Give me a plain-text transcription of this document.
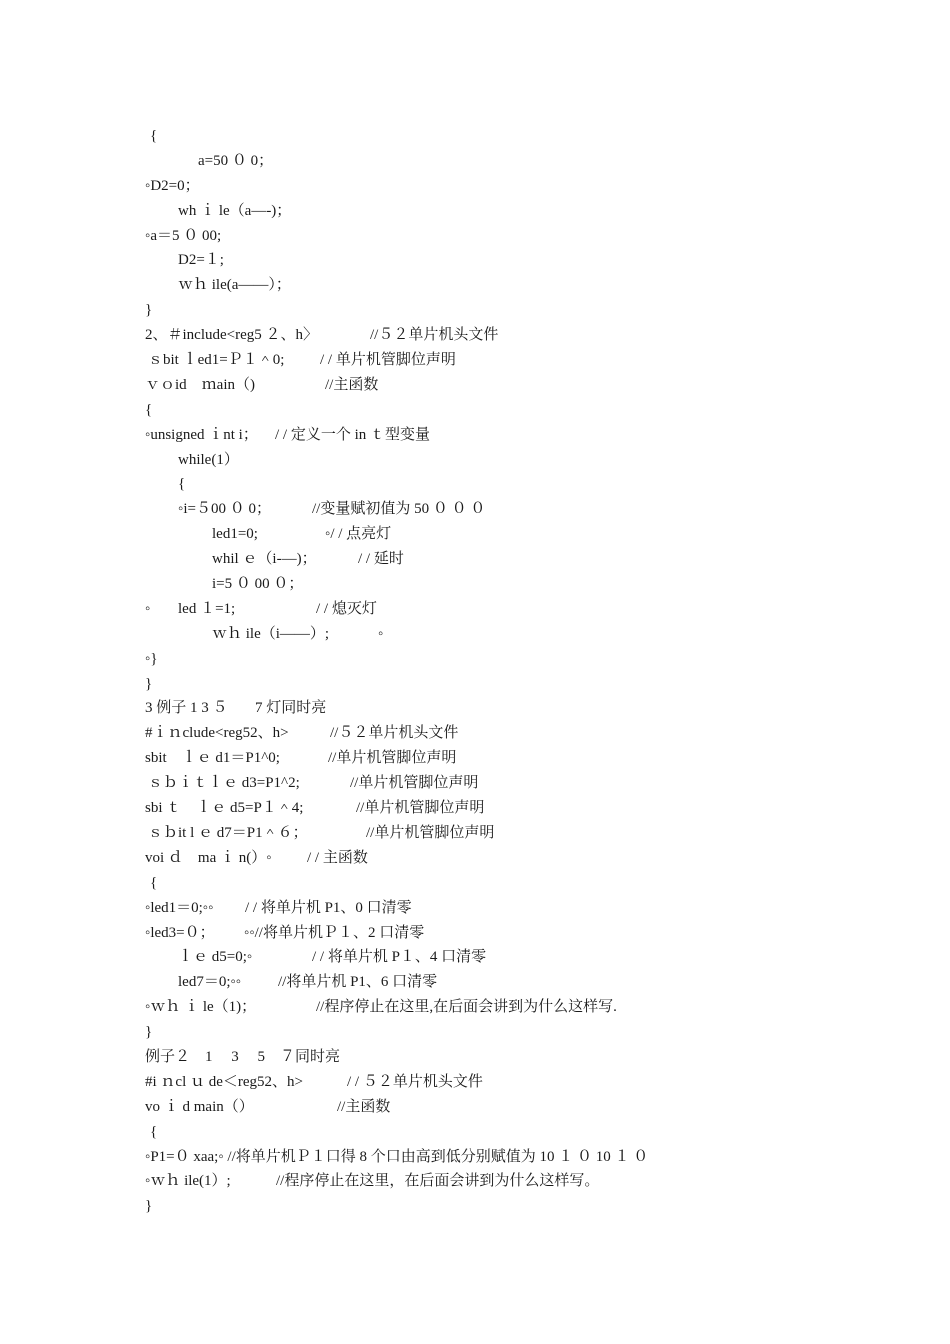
{
a=50 ０ 0；
◦D2=0；
wh ｉ le（a—-)；
◦a＝5 ０ 00;
D2=１;
ｗｈ ile(a——）；
}
2、＃include<reg5 ２、h〉	//５２单片机头文件
ｓbit ｌed1=Ｐ１＾0; / / 单片机管脚位声明
ｖｏid　ｍain（)	//主函数
{
◦unsigned ｉnt i； / / 定义一个 in ｔ型变量
while(1）
{
◦i=５00 ０ 0；	//变量赋初值为 50 ０ ０ ０
led1=0;	◦/ / 点亮灯
whil ｅ（i-—)；	/ / 延时
i=5 ０ 00 ０；
◦ led １=1;	/ / 熄灭灯
ｗｈ ile（i——）;	◦
◦}
}
3 例子 1 3 ５ 7 灯同时亮
#ｉｎclude<reg52、h>	//５２单片机头文件
sbit　ｌｅ d1＝P1^0;	//单片机管脚位声明
ｓｂｉｔｌｅ d3=P1^2;	//单片机管脚位声明
sbi ｔ　ｌｅ d5=P１＾4;	//单片机管脚位声明
ｓｂit l ｅ d7＝P1＾６；	//单片机管脚位声明
voi ｄ　ma ｉ n(）◦ / / 主函数
{
◦led1＝0;◦◦ / / 将单片机 P1、0 口清零
◦led3=０； ◦◦//将单片机Ｐ１、2 口清零
ｌｅ d5=0;◦	/ / 将单片机 P１、4 口清零
led7＝0;◦◦ //将单片机 P1、6 口清零
◦ｗｈ ｉ le（1)；	//程序停止在这里,在后面会讲到为什么这样写.
}
例子２　1　 3　 5　７同时亮
#i ｎcl ｕ de＜reg52、h>	/ / ５２单片机头文件
vo ｉ d main（）	//主函数
{
◦P1=０ xaa;◦ //将单片机Ｐ１口得 8 个口由高到低分别赋值为 10 １ ０ 10 １ ０
◦ｗｈ ile(1）;	//程序停止在这里，在后面会讲到为什么这样写。
}
